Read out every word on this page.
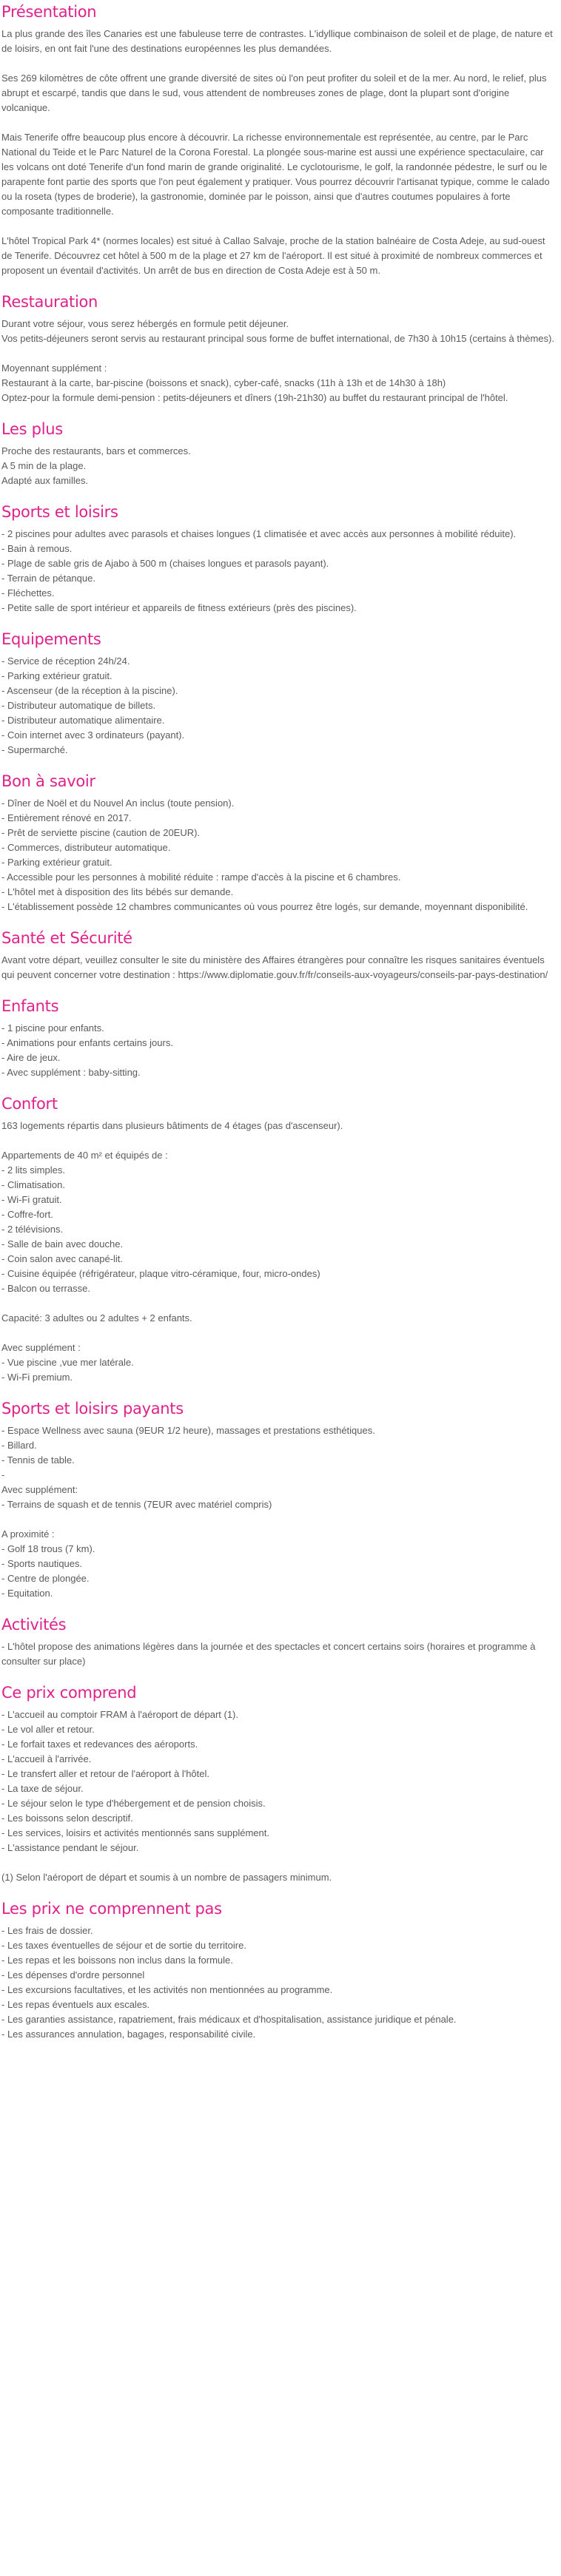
Présentation
La plus grande des îles Canaries est une fabuleuse terre de contrastes. L'idyllique combinaison de soleil et de plage, de nature et de loisirs, en ont fait l'une des destinations européennes les plus demandées.
Ses 269 kilomètres de côte offrent une grande diversité de sites où l'on peut profiter du soleil et de la mer. Au nord, le relief, plus abrupt et escarpé, tandis que dans le sud, vous attendent de nombreuses zones de plage, dont la plupart sont d'origine volcanique.
Mais Tenerife offre beaucoup plus encore à découvrir. La richesse environnementale est représentée, au centre, par le Parc National du Teide et le Parc Naturel de la Corona Forestal. La plongée sous-marine est aussi une expérience spectaculaire, car les volcans ont doté Tenerife d'un fond marin de grande originalité. Le cyclotourisme, le golf, la randonnée pédestre, le surf ou le parapente font partie des sports que l'on peut également y pratiquer. Vous pourrez découvrir l'artisanat typique, comme le calado ou la roseta (types de broderie), la gastronomie, dominée par le poisson, ainsi que d'autres coutumes populaires à forte composante traditionnelle.
L'hôtel Tropical Park 4* (normes locales) est situé à Callao Salvaje, proche de la station balnéaire de Costa Adeje, au sud-ouest de Tenerife. Découvrez cet hôtel à 500 m de la plage et 27 km de l'aéroport. Il est situé à proximité de nombreux commerces et proposent un éventail d'activités. Un arrêt de bus en direction de Costa Adeje est à 50 m.
Restauration
Durant votre séjour, vous serez hébergés en formule petit déjeuner.
Vos petits-déjeuners seront servis au restaurant principal sous forme de buffet international, de 7h30 à 10h15 (certains à thèmes).
Moyennant supplément :
Restaurant à la carte, bar-piscine (boissons et snack), cyber-café, snacks (11h à 13h et de 14h30 à 18h)
Optez-pour la formule demi-pension : petits-déjeuners et dîners (19h-21h30) au buffet du restaurant principal de l'hôtel.
Les plus
Proche des restaurants, bars et commerces.
A 5 min de la plage.
Adapté aux familles.
Sports et loisirs
- 2 piscines pour adultes avec parasols et chaises longues (1 climatisée et avec accès aux personnes à mobilité réduite).
- Bain à remous.
- Plage de sable gris de Ajabo à 500 m (chaises longues et parasols payant).
- Terrain de pétanque.
- Fléchettes.
- Petite salle de sport intérieur et appareils de fitness extérieurs (près des piscines).
Equipements
- Service de réception 24h/24.
- Parking extérieur gratuit.
- Ascenseur (de la réception à la piscine).
- Distributeur automatique de billets.
- Distributeur automatique alimentaire.
- Coin internet avec 3 ordinateurs (payant).
- Supermarché.
Bon à savoir
- Dîner de Noël et du Nouvel An inclus (toute pension).
- Entièrement rénové en 2017.
- Prêt de serviette piscine (caution de 20EUR).
- Commerces, distributeur automatique.
- Parking extérieur gratuit.
- Accessible pour les personnes à mobilité réduite : rampe d'accès à la piscine et 6 chambres.
- L'hôtel met à disposition des lits bébés sur demande.
- L'établissement possède 12 chambres communicantes où vous pourrez être logés, sur demande, moyennant disponibilité.
Santé et Sécurité
Avant votre départ, veuillez consulter le site du ministère des Affaires étrangères pour connaître les risques sanitaires éventuels qui peuvent concerner votre destination : https://www.diplomatie.gouv.fr/fr/conseils-aux-voyageurs/conseils-par-pays-destination/
Enfants
- 1 piscine pour enfants.
- Animations pour enfants certains jours.
- Aire de jeux.
- Avec supplément : baby-sitting.
Confort
163 logements répartis dans plusieurs bâtiments de 4 étages (pas d'ascenseur).
Appartements de 40 m² et équipés de :
- 2 lits simples.
- Climatisation.
- Wi-Fi gratuit.
- Coffre-fort.
- 2 télévisions.
- Salle de bain avec douche.
- Coin salon avec canapé-lit.
- Cuisine équipée (réfrigérateur, plaque vitro-céramique, four, micro-ondes)
- Balcon ou terrasse.
Capacité: 3 adultes ou 2 adultes + 2 enfants.
Avec supplément :
- Vue piscine ,vue mer latérale.
- Wi-Fi premium.
Sports et loisirs payants
- Espace Wellness avec sauna (9EUR 1/2 heure), massages et prestations esthétiques.
- Billard.
- Tennis de table.
-
Avec supplément:
- Terrains de squash et de tennis (7EUR avec matériel compris)
A proximité :
- Golf 18 trous (7 km).
- Sports nautiques.
- Centre de plongée.
- Equitation.
Activités
- L'hôtel propose des animations légères dans la journée et des spectacles et concert certains soirs (horaires et programme à consulter sur place)
Ce prix comprend
- L'accueil au comptoir FRAM à l'aéroport de départ (1).
- Le vol aller et retour.
- Le forfait taxes et redevances des aéroports.
- L'accueil à l'arrivée.
- Le transfert aller et retour de l'aéroport à l'hôtel.
- La taxe de séjour.
- Le séjour selon le type d'hébergement et de pension choisis.
- Les boissons selon descriptif.
- Les services, loisirs et activités mentionnés sans supplément.
- L'assistance pendant le séjour.
(1) Selon l'aéroport de départ et soumis à un nombre de passagers minimum.
Les prix ne comprennent pas
- Les frais de dossier.
- Les taxes éventuelles de séjour et de sortie du territoire.
- Les repas et les boissons non inclus dans la formule.
- Les dépenses d'ordre personnel
- Les excursions facultatives, et les activités non mentionnées au programme.
- Les repas éventuels aux escales.
- Les garanties assistance, rapatriement, frais médicaux et d'hospitalisation, assistance juridique et pénale.
- Les assurances annulation, bagages, responsabilité civile.
